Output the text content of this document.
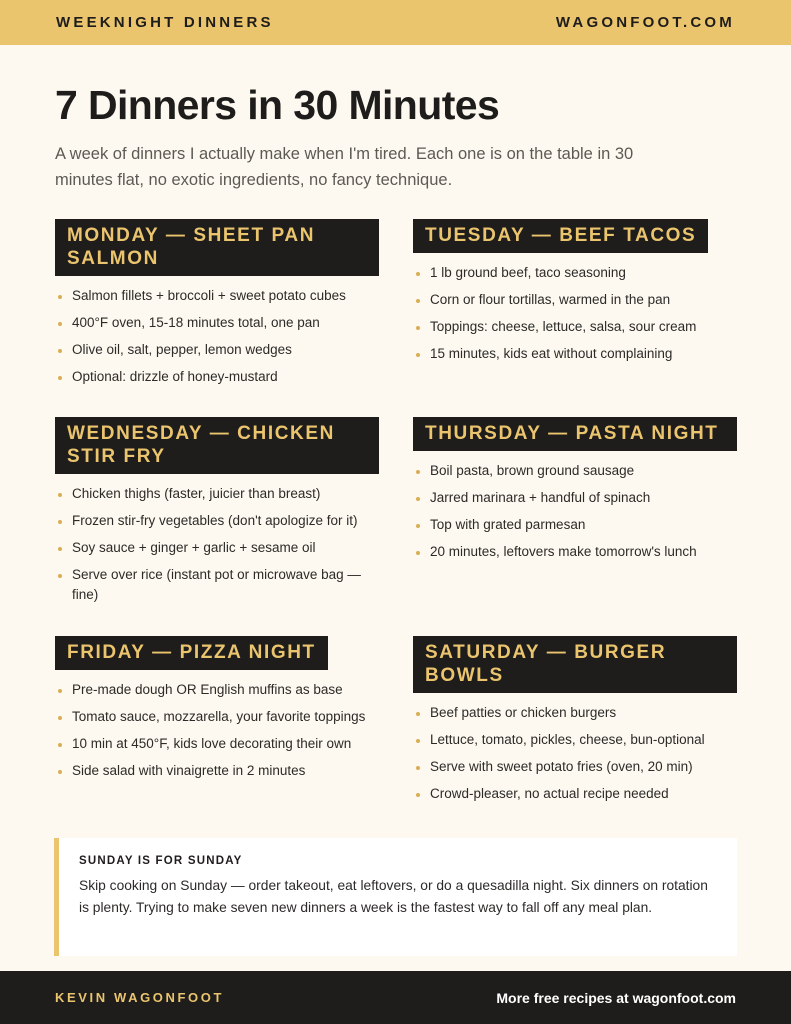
WEEKNIGHT DINNERS	WAGONFOOT.COM
7 Dinners in 30 Minutes

A week of dinners I actually make when I'm tired. Each one is on the table in 30 minutes flat, no exotic ingredients, no fancy technique.

MONDAY — SHEET PAN SALMON
Salmon fillets + broccoli + sweet potato cubes
400°F oven, 15-18 minutes total, one pan
Olive oil, salt, pepper, lemon wedges
Optional: drizzle of honey-mustard
TUESDAY — BEEF TACOS
1 lb ground beef, taco seasoning
Corn or flour tortillas, warmed in the pan
Toppings: cheese, lettuce, salsa, sour cream
15 minutes, kids eat without complaining
WEDNESDAY — CHICKEN STIR FRY
Chicken thighs (faster, juicier than breast)
Frozen stir-fry vegetables (don't apologize for it)
Soy sauce + ginger + garlic + sesame oil
Serve over rice (instant pot or microwave bag — fine)
THURSDAY — PASTA NIGHT
Boil pasta, brown ground sausage
Jarred marinara + handful of spinach
Top with grated parmesan
20 minutes, leftovers make tomorrow's lunch
FRIDAY — PIZZA NIGHT
Pre-made dough OR English muffins as base
Tomato sauce, mozzarella, your favorite toppings
10 min at 450°F, kids love decorating their own
Side salad with vinaigrette in 2 minutes
SATURDAY — BURGER BOWLS
Beef patties or chicken burgers
Lettuce, tomato, pickles, cheese, bun-optional
Serve with sweet potato fries (oven, 20 min)
Crowd-pleaser, no actual recipe needed

SUNDAY IS FOR SUNDAY

Skip cooking on Sunday — order takeout, eat leftovers, or do a quesadilla night. Six dinners on rotation is plenty. Trying to make seven new dinners a week is the fastest way to fall off any meal plan.

KEVIN WAGONFOOT	More free recipes at wagonfoot.com
